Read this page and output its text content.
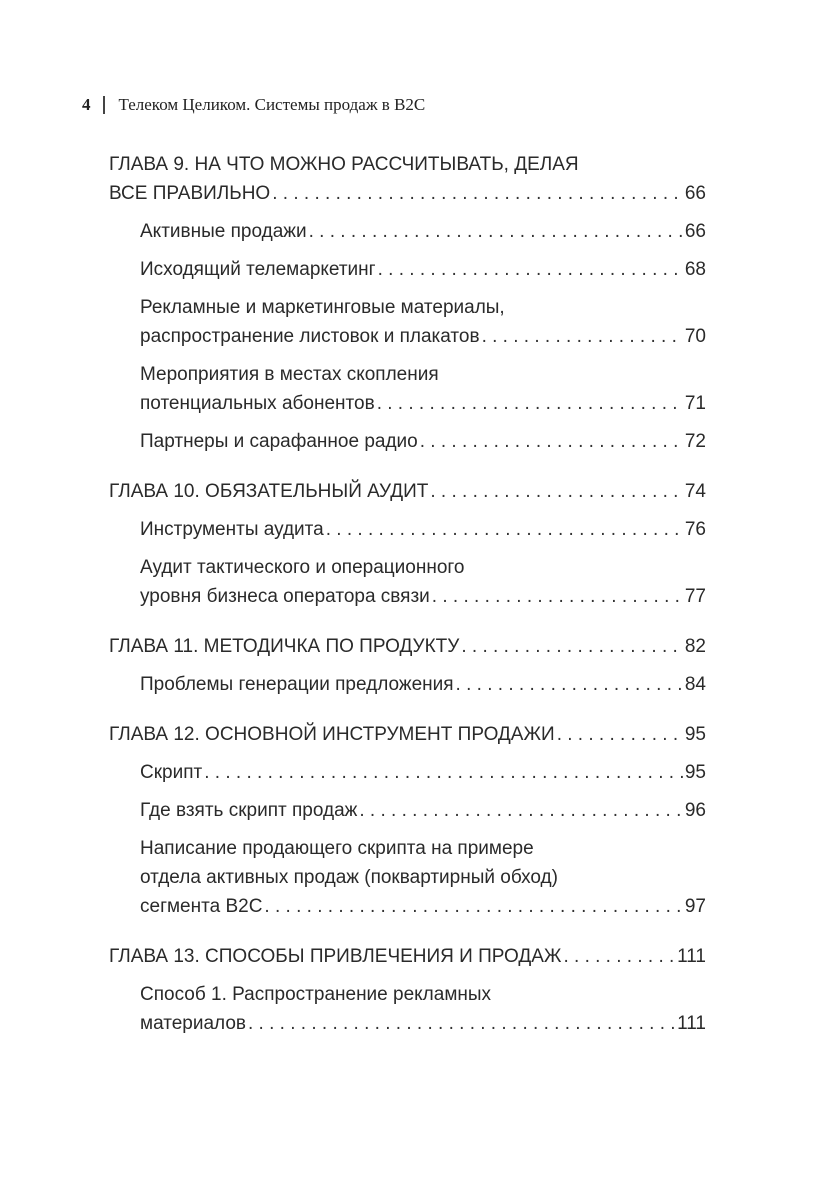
4 Телеком Целиком. Системы продаж в B2C
ГЛАВА 9. НА ЧТО МОЖНО РАССЧИТЫВАТЬ, ДЕЛАЯ
ВСЕ ПРАВИЛЬНО . . .	66
Активные продажи . . .	66
Исходящий телемаркетинг . . .	68
Рекламные и маркетинговые материалы,
распространение листовок и плакатов . . .	70
Мероприятия в местах скопления
потенциальных абонентов . . .	71
Партнеры и сарафанное радио . . .	72
ГЛАВА 10. ОБЯЗАТЕЛЬНЫЙ АУДИТ . . .	74
Инструменты аудита . . .	76
Аудит тактического и операционного
уровня бизнеса оператора связи . . .	77
ГЛАВА 11. МЕТОДИЧКА ПО ПРОДУКТУ . . .	82
Проблемы генерации предложения . . .	84
ГЛАВА 12. ОСНОВНОЙ ИНСТРУМЕНТ ПРОДАЖИ . . .	95
Скрипт . . .	95
Где взять скрипт продаж . . .	96
Написание продающего скрипта на примере
отдела активных продаж (поквартирный обход)
сегмента B2C . . .	97
ГЛАВА 13. СПОСОБЫ ПРИВЛЕЧЕНИЯ И ПРОДАЖ . . .	111
Способ 1. Распространение рекламных
материалов . . .	111
